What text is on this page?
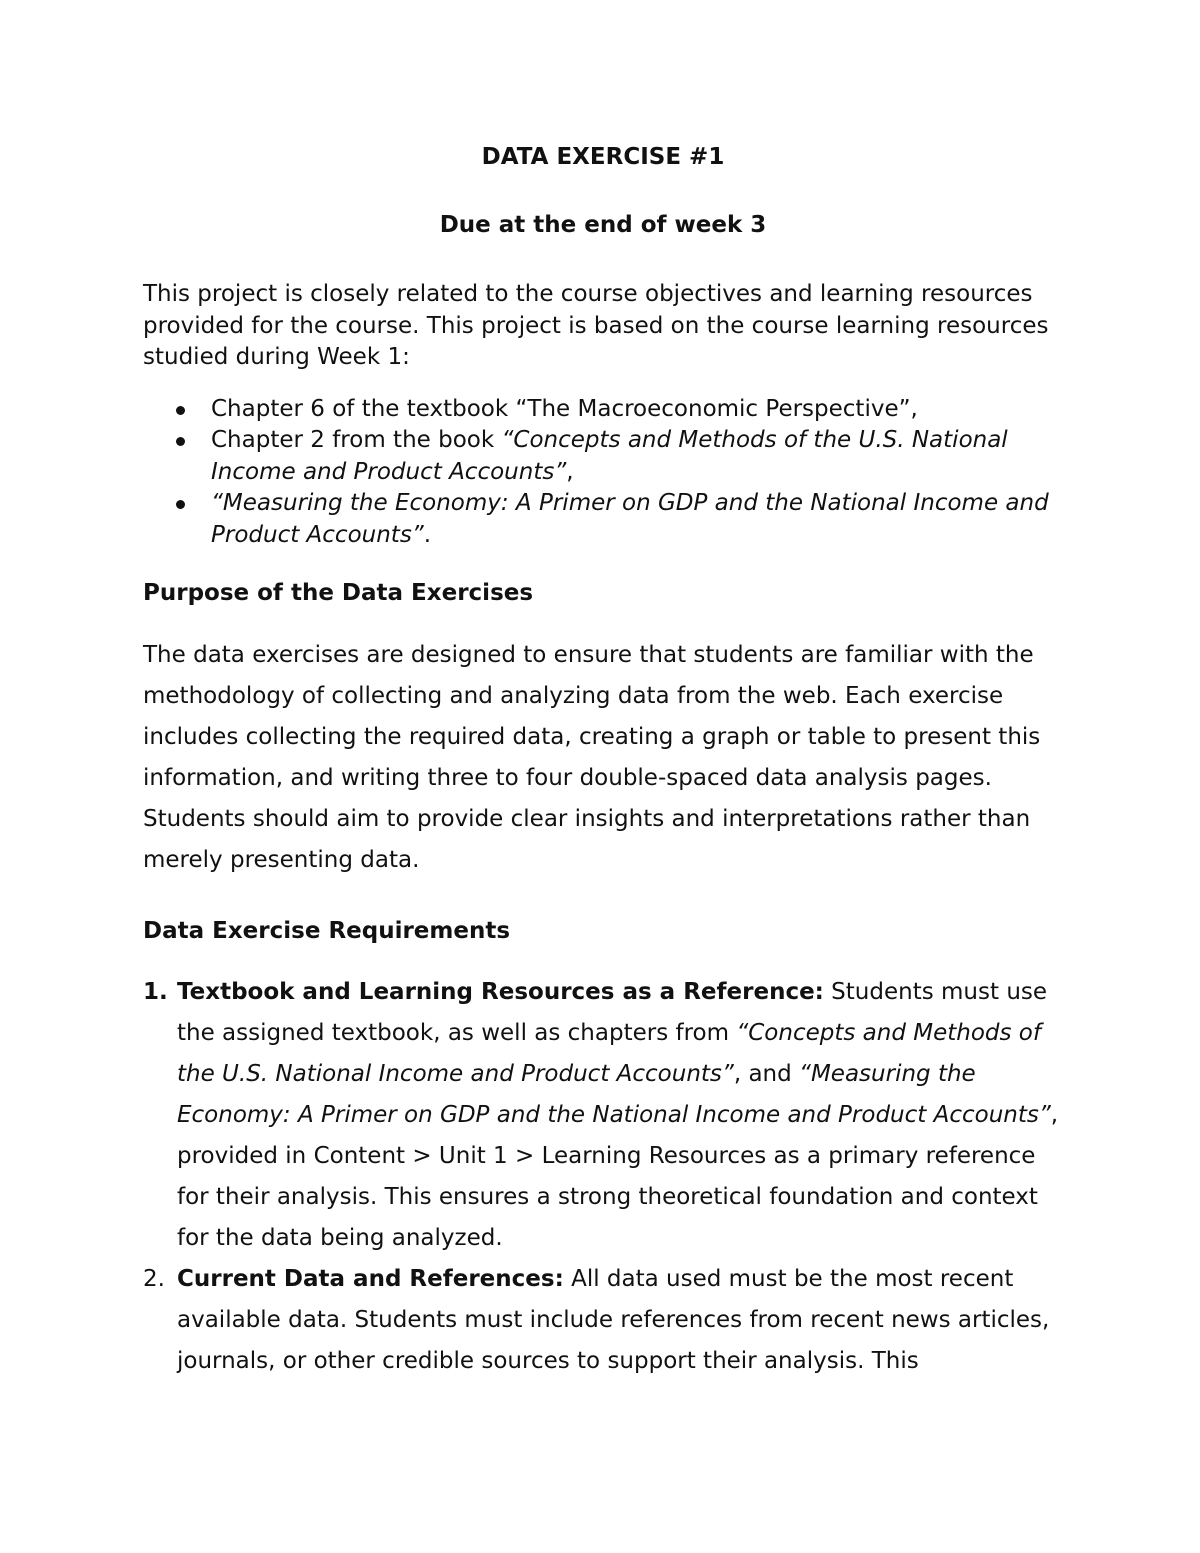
DATA EXERCISE #1

Due at the end of week 3

This project is closely related to the course objectives and learning resources provided for the course. This project is based on the course learning resources studied during Week 1:

Chapter 6 of the textbook “The Macroeconomic Perspective”,
Chapter 2 from the book “Concepts and Methods of the U.S. National Income and Product Accounts”,
“Measuring the Economy: A Primer on GDP and the National Income and Product Accounts”.

Purpose of the Data Exercises

The data exercises are designed to ensure that students are familiar with the methodology of collecting and analyzing data from the web. Each exercise includes collecting the required data, creating a graph or table to present this information, and writing three to four double-spaced data analysis pages. Students should aim to provide clear insights and interpretations rather than merely presenting data.

Data Exercise Requirements

1. Textbook and Learning Resources as a Reference: Students must use the assigned textbook, as well as chapters from “Concepts and Methods of the U.S. National Income and Product Accounts”, and “Measuring the Economy: A Primer on GDP and the National Income and Product Accounts”, provided in Content > Unit 1 > Learning Resources as a primary reference for their analysis. This ensures a strong theoretical foundation and context for the data being analyzed.
2. Current Data and References: All data used must be the most recent available data. Students must include references from recent news articles, journals, or other credible sources to support their analysis. This
